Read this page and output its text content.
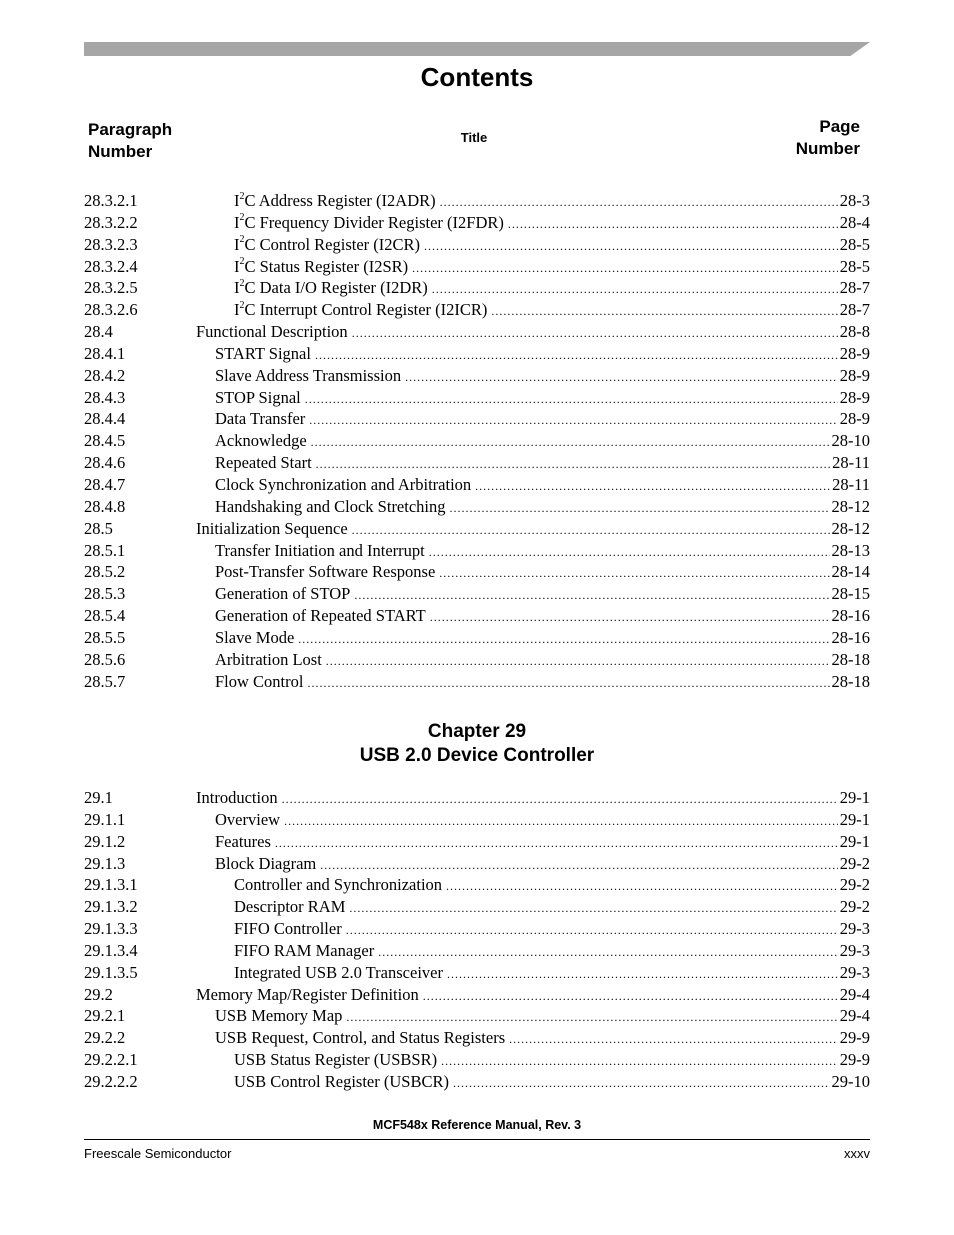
Contents
Paragraph
Number
Title
Page
Number
28.3.2.1	$I^2C$ Address Register (I2ADR) .....	28-3
28.3.2.2	$I^2C$ Frequency Divider Register (I2FDR) .....	28-4
28.3.2.3	$I^2C$ Control Register (I2CR) .....	28-5
28.3.2.4	$I^2C$ Status Register (I2SR) .....	28-5
28.3.2.5	$I^2C$ Data I/O Register (I2DR) .....	28-7
28.3.2.6	$I^2C$ Interrupt Control Register (I2ICR) .....	28-7
28.4	Functional Description .....	28-8
28.4.1	START Signal .....	28-9
28.4.2	Slave Address Transmission .....	28-9
28.4.3	STOP Signal .....	28-9
28.4.4	Data Transfer .....	28-9
28.4.5	Acknowledge .....	28-10
28.4.6	Repeated Start .....	28-11
28.4.7	Clock Synchronization and Arbitration .....	28-11
28.4.8	Handshaking and Clock Stretching .....	28-12
28.5	Initialization Sequence .....	28-12
28.5.1	Transfer Initiation and Interrupt .....	28-13
28.5.2	Post-Transfer Software Response .....	28-14
28.5.3	Generation of STOP .....	28-15
28.5.4	Generation of Repeated START .....	28-16
28.5.5	Slave Mode .....	28-16
28.5.6	Arbitration Lost .....	28-18
28.5.7	Flow Control .....	28-18
Chapter 29
USB 2.0 Device Controller
29.1	Introduction .....	29-1
29.1.1	Overview .....	29-1
29.1.2	Features .....	29-1
29.1.3	Block Diagram .....	29-2
29.1.3.1	Controller and Synchronization .....	29-2
29.1.3.2	Descriptor RAM .....	29-2
29.1.3.3	FIFO Controller .....	29-3
29.1.3.4	FIFO RAM Manager .....	29-3
29.1.3.5	Integrated USB 2.0 Transceiver .....	29-3
29.2	Memory Map/Register Definition .....	29-4
29.2.1	USB Memory Map .....	29-4
29.2.2	USB Request, Control, and Status Registers .....	29-9
29.2.2.1	USB Status Register (USBSR) .....	29-9
29.2.2.2	USB Control Register (USBCR) .....	29-10
MCF548x Reference Manual, Rev. 3
Freescale Semiconductor	xxxv
